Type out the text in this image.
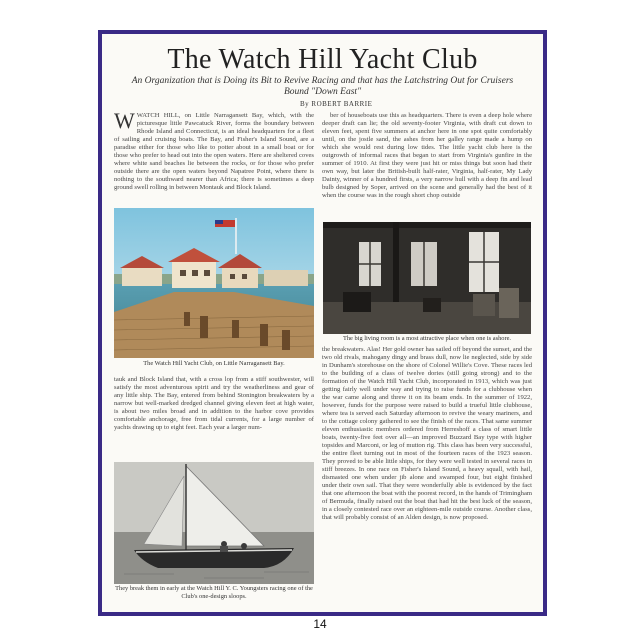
The Watch Hill Yacht Club
An Organization that is Doing its Bit to Revive Racing and that has the Latchstring Out for Cruisers Bound "Down East"
By ROBERT BARRIE

WWATCH HILL, on Little Narragansett Bay, which, with the picturesque little Pawcatuck River, forms the boundary between Rhode Island and Connecticut, is an ideal headquarters for a fleet of sailing and cruising boats. The Bay, and Fisher's Island Sound, are a paradise either for those who like to potter about in a small boat or for those who prefer to head out into the open waters. Here are sheltered coves where white sand beaches lie between the rocks, or for those who prefer outside there are the open waters beyond Napatree Point, where there is nothing to the southward nearer than Africa; there is sometimes a deep ground swell rolling in between Montauk and Block Island.

The Watch Hill Yacht Club, on Little Narragansett Bay.

tauk and Block Island that, with a cross lop from a stiff southwester, will satisfy the most adventurous spirit and try the weatherliness and gear of any little ship. The Bay, entered from behind Stonington breakwaters by a narrow but well-marked dredged channel giving eleven feet at high water, is about two miles broad and in addition to the harbor cove provides comfortable anchorage, free from tidal currents, for a large number of yachts drawing up to eight feet. Each year a larger num-

They break them in early at the Watch Hill Y. C. Youngsters racing one of the Club's one-design sloops.

ber of houseboats use this as headquarters. There is even a deep hole where deeper draft can lie; the old seventy-footer Virginia, with draft cut down to eleven feet, spent five summers at anchor here in one spot quite comfortably until, on the jostle sand, the ashes from her galley range made a hump on which she would rest during low tides. The little yacht club here is the outgrowth of informal races that began to start from Virginia's gunfire in the summer of 1910. At first they were just hit or miss things but soon had their own way, but later the British-built half-rater, Virginia, half-rater, My Lady Dainty, winner of a hundred firsts, a very narrow hull with a deep fin and lead bulb designed by Soper, arrived on the scene and generally had the best of it when the course was in the rough short chop outside

The big living room is a most attractive place when one is ashore.

the breakwaters. Alas! Her gold owner has sailed off beyond the sunset, and the two old rivals, mahogany dingy and brass dull, now lie neglected, side by side in Dunham's storehouse on the shore of Colonel Willie's Cove. These races led to the building of a class of twelve dories (still going strong) and to the formation of the Watch Hill Yacht Club, incorporated in 1913, which was just getting fairly well under way and trying to raise funds for a clubhouse when the war came along and threw it on its beam ends. In the summer of 1922, however, funds for the purpose were raised to build a trueful little clubhouse, where tea is served each Saturday afternoon to revive the weary mariners, and to the cottage colony gathered to see the finish of the races. That same summer eleven enthusiastic members ordered from Herreshoff a class of smart little boats, twenty-five feet over all—an improved Buzzard Bay type with higher topsides and Marconi, or leg of mutton rig. This class has been very successful, the entire fleet turning out in most of the fourteen races of the 1923 season. They proved to be able little ships, for they were well tested in several races in stiff breezes. In one race on Fisher's Island Sound, a heavy squall, with hail, dismasted one when under jib alone and swamped four, but eight finished under their own sail. That they were wonderfully able is evidenced by the fact that one afternoon the boat with the poorest record, in the hands of Trimingham of Bermuda, finally raised out the boat that had hit the best luck of the season, in a closely contested race over an eighteen-mile outside course. Another class, that will probably consist of an Alden design, is now proposed.

14
